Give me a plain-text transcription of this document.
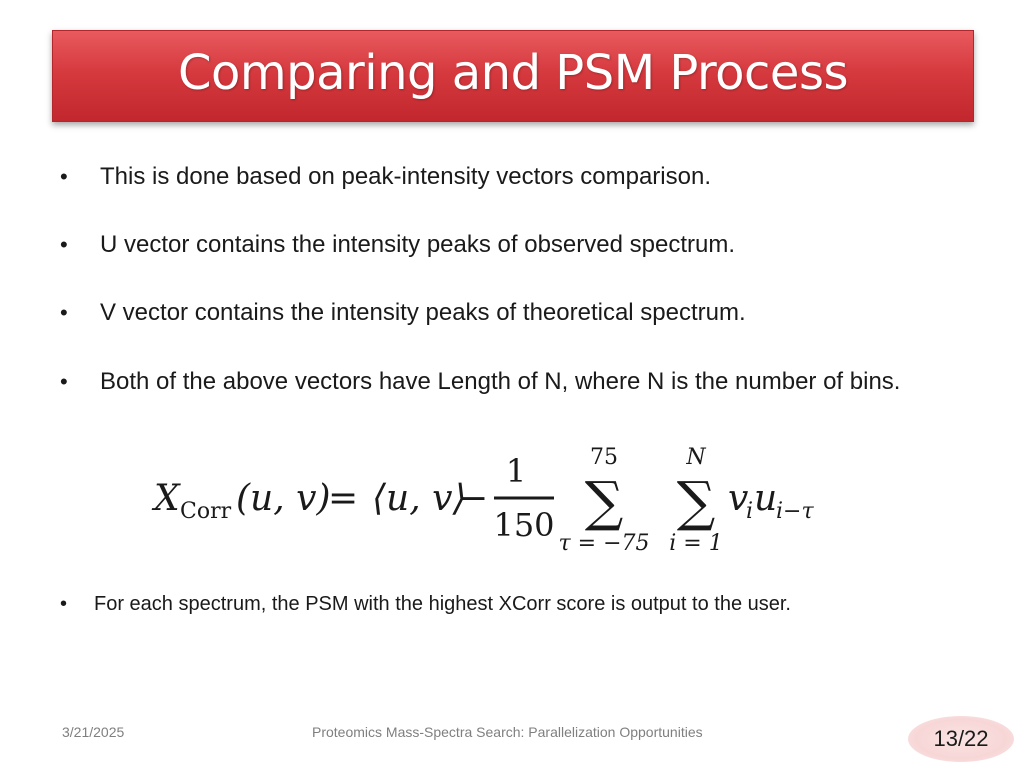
Comparing and PSM Process
•	This is done based on peak-intensity vectors comparison.
•	U vector contains the intensity peaks of observed spectrum.
•	V vector contains the intensity peaks of theoretical spectrum.
•	Both of the above vectors have Length of N, where N is the number of bins.
X Corr (u, v)
= ⟨u, v⟩
−
1
150
75
∑
τ = −75
N
∑
i = 1
v
i u
i−τ
•	For each spectrum, the PSM with the highest XCorr score is output to the user.
3/21/2025	Proteomics Mass-Spectra Search: Parallelization Opportunities	13/22
